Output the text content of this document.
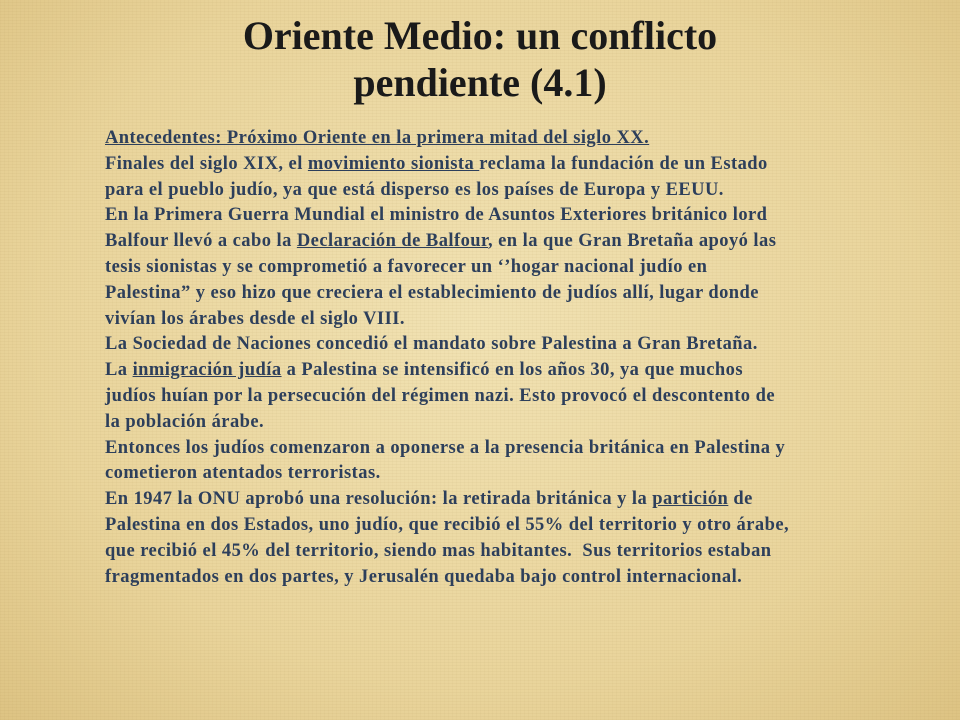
Oriente Medio: un conflicto
pendiente (4.1)
Antecedentes: Próximo Oriente en la primera mitad del siglo XX.
Finales del siglo XIX, el movimiento sionista reclama la fundación de un Estado
para el pueblo judío, ya que está disperso es los países de Europa y EEUU.
En la Primera Guerra Mundial el ministro de Asuntos Exteriores británico lord
Balfour llevó a cabo la Declaración de Balfour, en la que Gran Bretaña apoyó las
tesis sionistas y se comprometió a favorecer un ‘’hogar nacional judío en
Palestina” y eso hizo que creciera el establecimiento de judíos allí, lugar donde
vivían los árabes desde el siglo VIII.
La Sociedad de Naciones concedió el mandato sobre Palestina a Gran Bretaña.
La inmigración judía a Palestina se intensificó en los años 30, ya que muchos
judíos huían por la persecución del régimen nazi. Esto provocó el descontento de
la población árabe.
Entonces los judíos comenzaron a oponerse a la presencia británica en Palestina y
cometieron atentados terroristas.
En 1947 la ONU aprobó una resolución: la retirada británica y la partición de
Palestina en dos Estados, uno judío, que recibió el 55% del territorio y otro árabe,
que recibió el 45% del territorio, siendo mas habitantes.  Sus territorios estaban
fragmentados en dos partes, y Jerusalén quedaba bajo control internacional.
